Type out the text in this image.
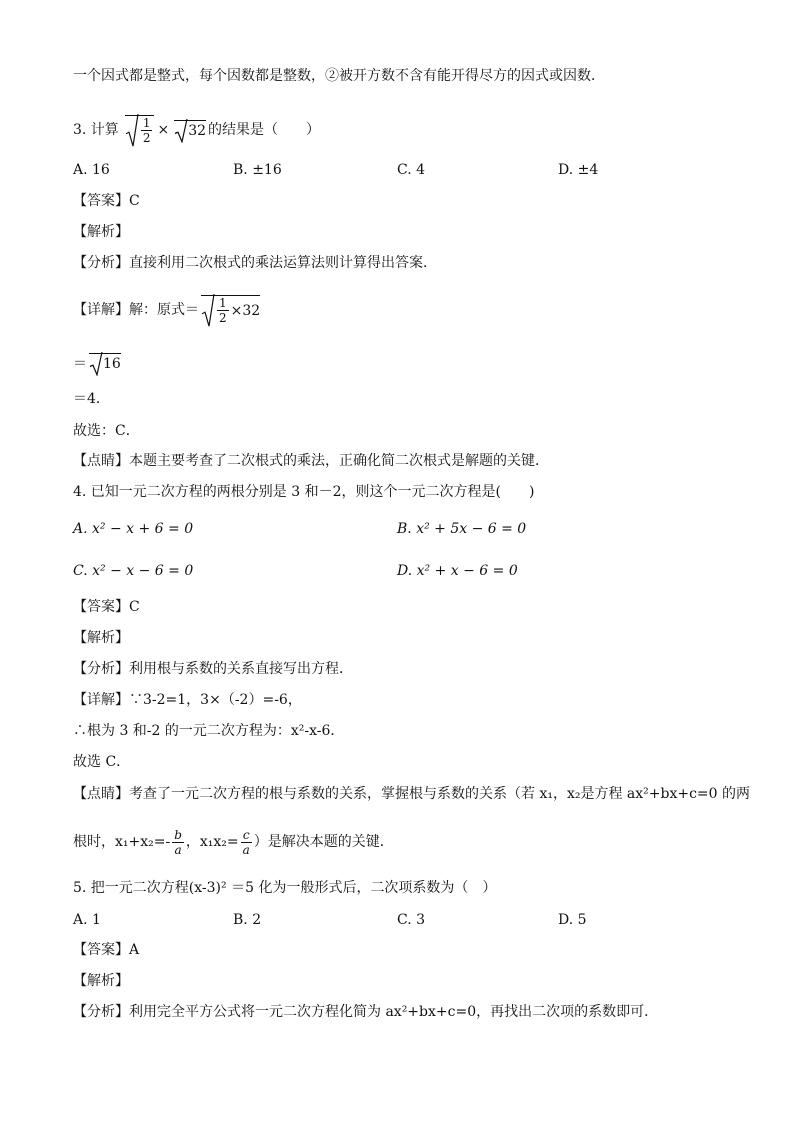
一个因式都是整式，每个因数都是整数，②被开方数不含有能开得尽方的因式或因数．
3. 计算 $\frac{1}{2} \times 32$ 的结果是（　　）
A. 16	B. ±16	C. 4	D. ±4
【答案】C
【解析】
【分析】直接利用二次根式的乘法运算法则计算得出答案．
【详解】解：原式＝ $\frac{1}{2} \times 32$
＝ 16
＝4．
故选：C．
【点睛】本题主要考查了二次根式的乘法，正确化简二次根式是解题的关键．
4. 已知一元二次方程的两根分别是 3 和－2，则这个一元二次方程是(　　)
A. x² − x + 6 = 0	B. x² + 5x − 6 = 0
C. x² − x − 6 = 0	D. x² + x − 6 = 0
【答案】C
【解析】
【分析】利用根与系数的关系直接写出方程．
【详解】∵3-2=1，3×（-2）=-6，
∴根为 3 和-2 的一元二次方程为：x²-x-6．
故选 C．
【点睛】考查了一元二次方程的根与系数的关系，掌握根与系数的关系（若 x₁，x₂是方程 ax²+bx+c=0 的两
根时，$x_1+x_2=- \frac{b}{a}$ ，$x_1x_2= \frac{c}{a}$ ）是解决本题的关键．
5. 把一元二次方程(x-3)² ＝5 化为一般形式后，二次项系数为（　）
A. 1	B. 2	C. 3	D. 5
【答案】A
【解析】
【分析】利用完全平方公式将一元二次方程化简为 ax²+bx+c=0，再找出二次项的系数即可．
